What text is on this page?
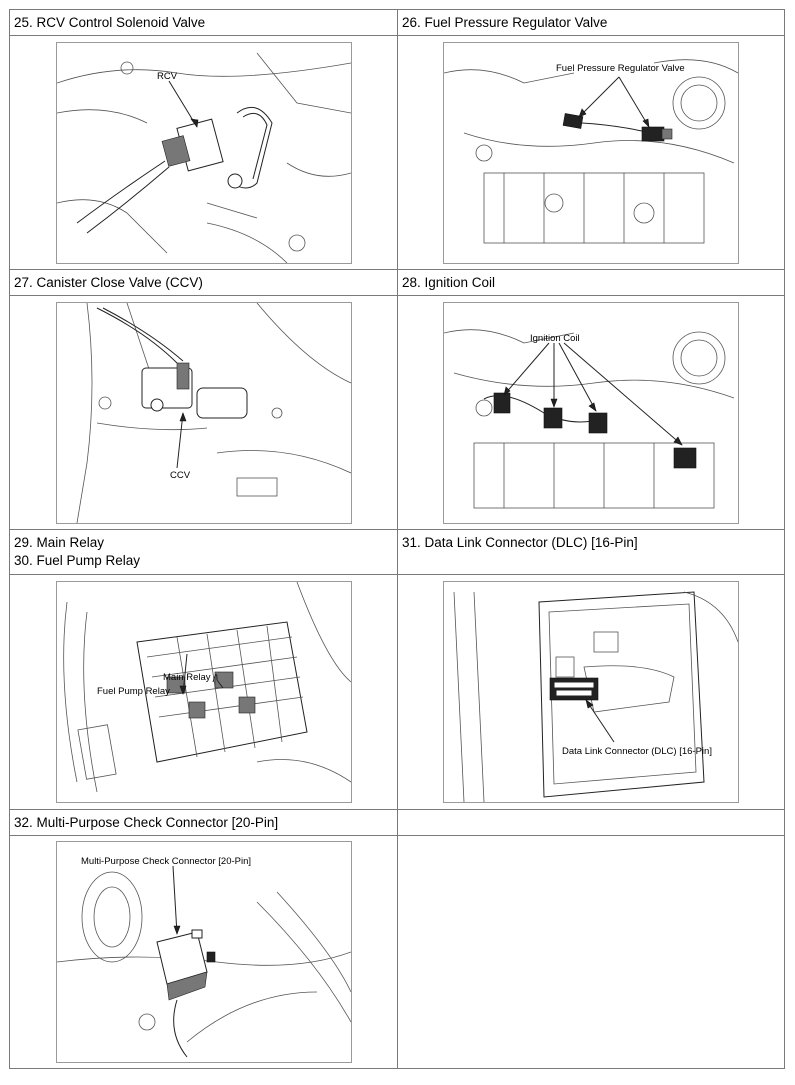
25. RCV Control Solenoid Valve	26. Fuel Pressure Regulator Valve
RCV
Fuel Pressure Regulator Valve
27. Canister Close Valve (CCV)	28. Ignition Coil
CCV
Ignition Coil
29. Main Relay
30. Fuel Pump Relay
31. Data Link Connector (DLC) [16-Pin]
Main Relay
Fuel Pump Relay
Data Link Connector (DLC) [16-Pin]
32. Multi-Purpose Check Connector [20-Pin]
Multi-Purpose Check Connector [20-Pin]
